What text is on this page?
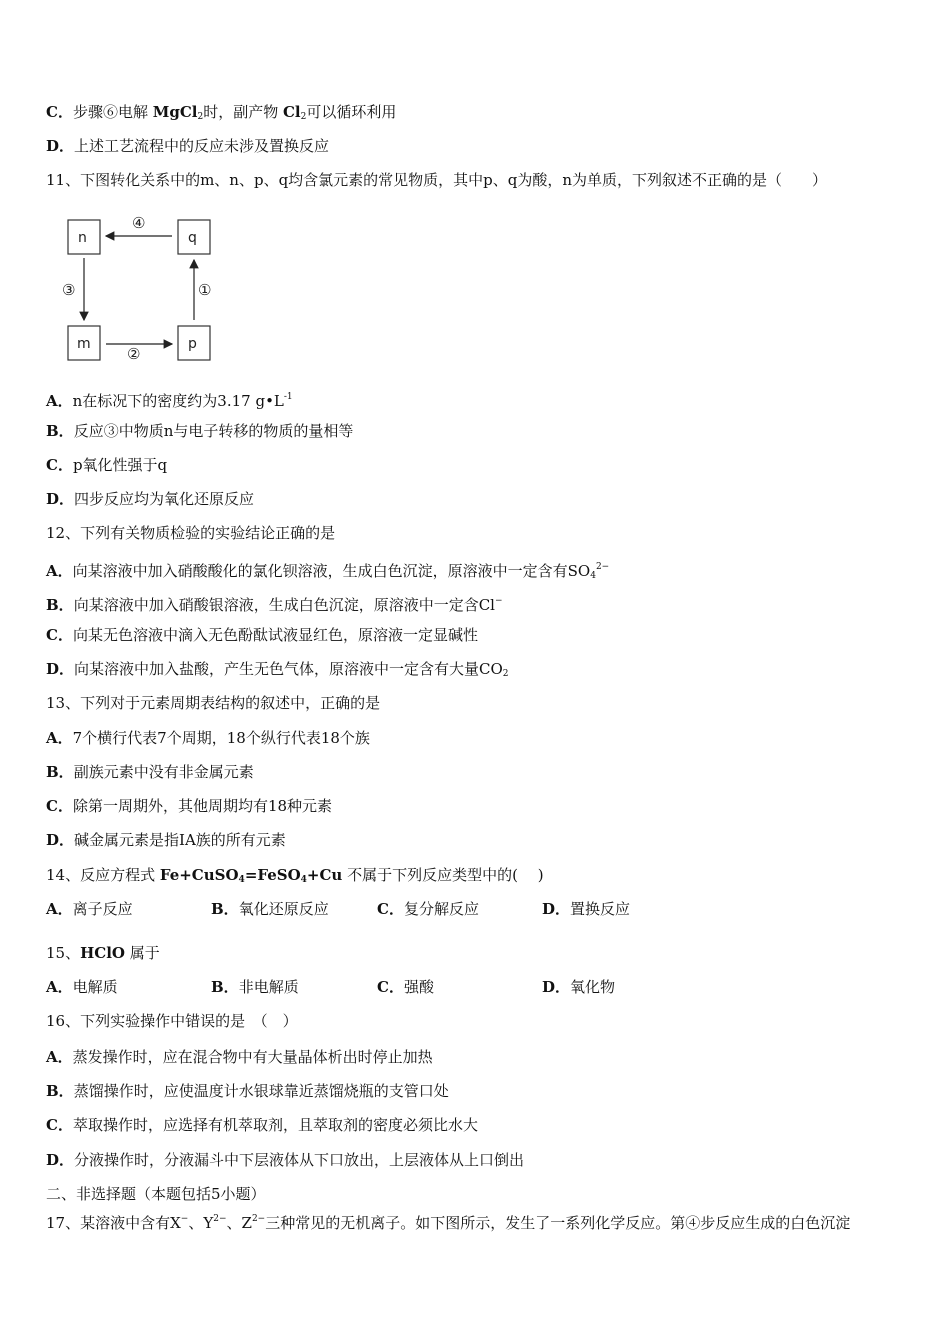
C．步骤⑥电解 MgCl$_2$时，副产物 $Cl_2$可以循环利用
D．上述工艺流程中的反应未涉及置换反应
11、下图转化关系中的m、n、p、q均含氯元素的常见物质，其中p、q为酸，n为单质，下列叙述不正确的是（　　）
n	q
m	p
④
③
②
①
A．n在标况下的密度约为3.17 $g•L^{-1}$
B．反应③中物质n与电子转移的物质的量相等
C．p氧化性强于q
D．四步反应均为氧化还原反应
12、下列有关物质检验的实验结论正确的是
A．向某溶液中加入硝酸酸化的氯化钡溶液，生成白色沉淀，原溶液中一定含有$SO_4^{2-}$
B．向某溶液中加入硝酸银溶液，生成白色沉淀，原溶液中一定含Cl−
C．向某无色溶液中滴入无色酚酞试液显红色，原溶液一定显碱性
D．向某溶液中加入盐酸，产生无色气体，原溶液中一定含有大量$CO_2$
13、下列对于元素周期表结构的叙述中，正确的是
A．7个横行代表7个周期，18个纵行代表18个族
B．副族元素中没有非金属元素
C．除第一周期外，其他周期均有18种元素
D．碱金属元素是指ⅠA族的所有元素
14、反应方程式 Fe+CuSO$_4$=FeSO$_4$+Cu 不属于下列反应类型中的(　 )
A．离子反应	B．氧化还原反应	C．复分解反应	D．置换反应
15、HClO 属于
A．电解质	B．非电解质	C．强酸	D．氧化物
16、下列实验操作中错误的是　（　）
A．蒸发操作时，应在混合物中有大量晶体析出时停止加热
B．蒸馏操作时，应使温度计水银球靠近蒸馏烧瓶的支管口处
C．萃取操作时，应选择有机萃取剂，且萃取剂的密度必须比水大
D．分液操作时，分液漏斗中下层液体从下口放出，上层液体从上口倒出
二、非选择题（本题包括5小题）
17、某溶液中含有X−、$Y^{2-}$、$Z^{2-}$三种常见的无机离子。如下图所示，发生了一系列化学反应。第④步反应生成的白色沉淀
